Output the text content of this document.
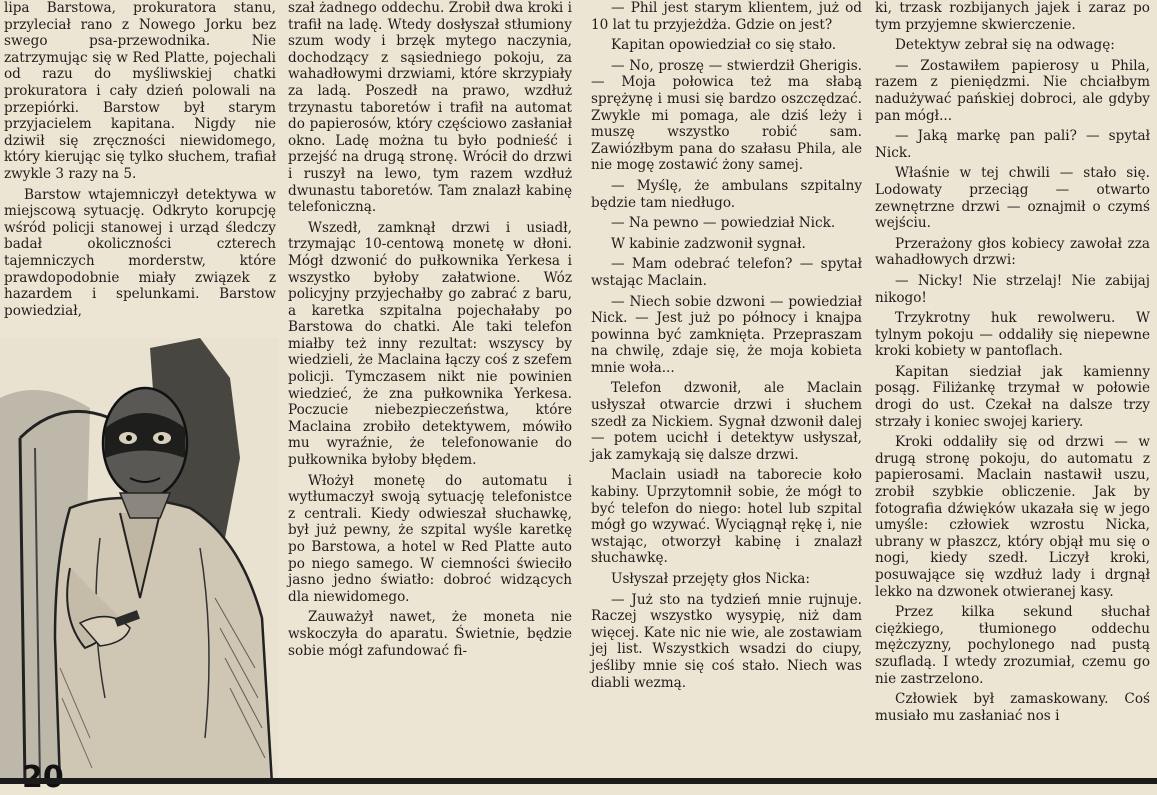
lipa Barstowa, prokuratora stanu, przyleciał rano z Nowego Jorku bez swego psa-przewodnika. Nie zatrzymując się w Red Platte, pojechali od razu do myśliwskiej chatki prokuratora i cały dzień polowali na przepiórki. Barstow był starym przyjacielem kapitana. Nigdy nie dziwił się zręczności niewidomego, który kierując się tylko słuchem, trafiał zwykle 3 razy na 5.

Barstow wtajemniczył detektywa w miejscową sytuację. Odkryto korupcję wśród policji stanowej i urząd śledczy badał okoliczności czterech tajemniczych morderstw, które prawdopodobnie miały związek z hazardem i spelunkami. Barstow powiedział,

szał żadnego oddechu. Zrobił dwa kroki i trafił na ladę. Wtedy dosłyszał stłumiony szum wody i brzęk mytego naczynia, dochodzący z sąsiedniego pokoju, za wahadłowymi drzwiami, które skrzypiały za ladą. Poszedł na prawo, wzdłuż trzynastu taboretów i trafił na automat do papierosów, który częściowo zasłaniał okno. Ladę można tu było podnieść i przejść na drugą stronę. Wrócił do drzwi i ruszył na lewo, tym razem wzdłuż dwunastu taboretów. Tam znalazł kabinę telefoniczną.

Wszedł, zamknął drzwi i usiadł, trzymając 10-centową monetę w dłoni. Mógł dzwonić do pułkownika Yerkesa i wszystko byłoby załatwione. Wóz policyjny przyjechałby go zabrać z baru, a karetka szpitalna pojechałaby po Barstowa do chatki. Ale taki telefon miałby też inny rezultat: wszyscy by wiedzieli, że Maclaina łączy coś z szefem policji. Tymczasem nikt nie powinien wiedzieć, że zna pułkownika Yerkesa. Poczucie niebezpieczeństwa, które Maclaina zrobiło detektywem, mówiło mu wyraźnie, że telefonowanie do pułkownika byłoby błędem.

Włożył monetę do automatu i wytłumaczył swoją sytuację telefonistce z centrali. Kiedy odwieszał słuchawkę, był już pewny, że szpital wyśle karetkę po Barstowa, a hotel w Red Platte auto po niego samego. W ciemności świeciło jasno jedno światło: dobroć widzących dla niewidomego.

Zauważył nawet, że moneta nie wskoczyła do aparatu. Świetnie, będzie sobie mógł zafundować fi-

— Phil jest starym klientem, już od 10 lat tu przyjeżdża. Gdzie on jest?

Kapitan opowiedział co się stało.

— No, proszę — stwierdził Gherigis. — Moja połowica też ma słabą sprężynę i musi się bardzo oszczędzać. Zwykle mi pomaga, ale dziś leży i muszę wszystko robić sam. Zawiózłbym pana do szałasu Phila, ale nie mogę zostawić żony samej.

— Myślę, że ambulans szpitalny będzie tam niedługo.

— Na pewno — powiedział Nick.

W kabinie zadzwonił sygnał.

— Mam odebrać telefon? — spytał wstając Maclain.

— Niech sobie dzwoni — powiedział Nick. — Jest już po północy i knajpa powinna być zamknięta. Przepraszam na chwilę, zdaje się, że moja kobieta mnie woła...

Telefon dzwonił, ale Maclain usłyszał otwarcie drzwi i słuchem szedł za Nickiem. Sygnał dzwonił dalej — potem ucichł i detektyw usłyszał, jak zamykają się dalsze drzwi.

Maclain usiadł na taborecie koło kabiny. Uprzytomnił sobie, że mógł to być telefon do niego: hotel lub szpital mógł go wzywać. Wyciągnął rękę i, nie wstając, otworzył kabinę i znalazł słuchawkę.

Usłyszał przejęty głos Nicka:

— Już sto na tydzień mnie rujnuje. Raczej wszystko wysypię, niż dam więcej. Kate nic nie wie, ale zostawiam jej list. Wszystkich wsadzi do ciupy, jeśliby mnie się coś stało. Niech was diabli wezmą.

ki, trzask rozbijanych jajek i zaraz po tym przyjemne skwierczenie.

Detektyw zebrał się na odwagę:

— Zostawiłem papierosy u Phila, razem z pieniędzmi. Nie chciałbym nadużywać pańskiej dobroci, ale gdyby pan mógł...

— Jaką markę pan pali? — spytał Nick.

Właśnie w tej chwili — stało się. Lodowaty przeciąg — otwarto zewnętrzne drzwi — oznajmił o czymś wejściu.

Przerażony głos kobiecy zawołał zza wahadłowych drzwi:

— Nicky! Nie strzelaj! Nie zabijaj nikogo!

Trzykrotny huk rewolweru. W tylnym pokoju — oddaliły się niepewne kroki kobiety w pantoflach.

Kapitan siedział jak kamienny posąg. Filiżankę trzymał w połowie drogi do ust. Czekał na dalsze trzy strzały i koniec swojej kariery.

Kroki oddaliły się od drzwi — w drugą stronę pokoju, do automatu z papierosami. Maclain nastawił uszu, zrobił szybkie obliczenie. Jak by fotografia dźwięków ukazała się w jego umyśle: człowiek wzrostu Nicka, ubrany w płaszcz, który objął mu się o nogi, kiedy szedł. Liczył kroki, posuwające się wzdłuż lady i drgnął lekko na dzwonek otwieranej kasy.

Przez kilka sekund słuchał ciężkiego, tłumionego oddechu mężczyzny, pochylonego nad pustą szufladą. I wtedy zrozumiał, czemu go nie zastrzelono.

Człowiek był zamaskowany. Coś musiało mu zasłaniać nos i
